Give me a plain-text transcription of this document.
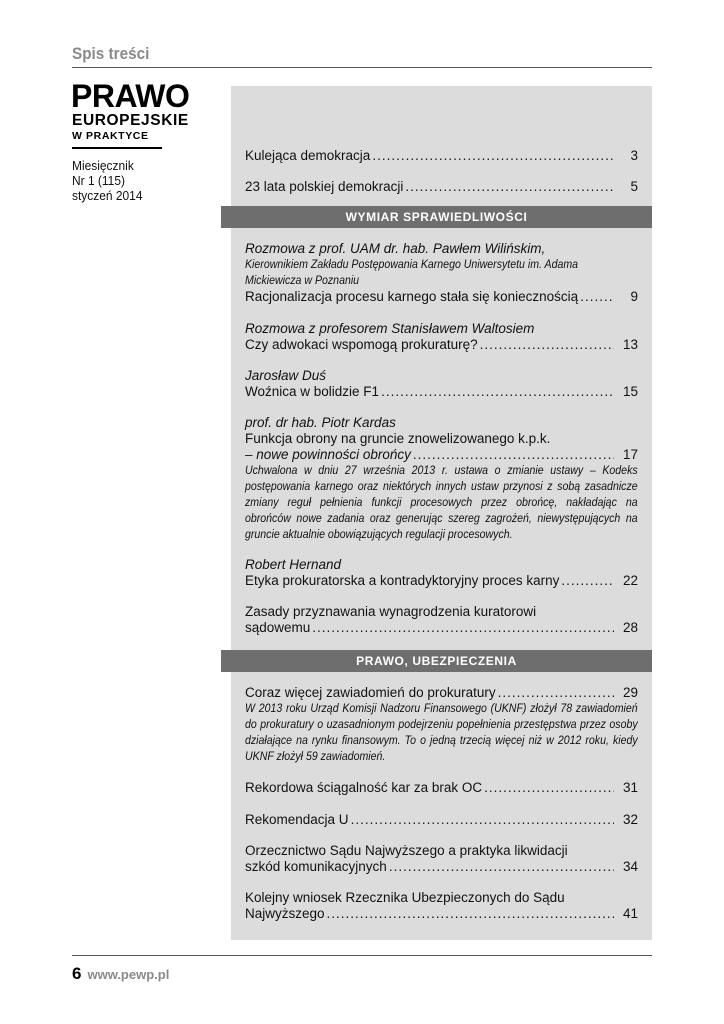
Spis treści
PRAWO
EUROPEJSKIE
W PRAKTYCE
Miesięcznik
Nr 1 (115)
styczeń 2014
Kulejąca demokracja .....	3
23 lata polskiej demokracji .....	5
WYMIAR SPRAWIEDLIWOŚCI
Rozmowa z prof. UAM dr. hab. Pawłem Wilińskim,
Kierownikiem Zakładu Postępowania Karnego Uniwersytetu im. Adama
Mickiewicza w Poznaniu
Racjonalizacja procesu karnego stała się koniecznością .....	9
Rozmowa z profesorem Stanisławem Waltosiem
Czy adwokaci wspomogą prokuraturę? .....	13
Jarosław Duś
Woźnica w bolidzie F1 .....	15
prof. dr hab. Piotr Kardas
Funkcja obrony na gruncie znowelizowanego k.p.k.
– nowe powinności obrońcy .....	17
Uchwalona w dniu 27 września 2013 r. ustawa o zmianie ustawy – Kodeks postępowania karnego oraz niektórych innych ustaw przynosi z sobą zasadnicze zmiany reguł pełnienia funkcji procesowych przez obrońcę, nakładając na obrońców nowe zadania oraz generując szereg zagrożeń, niewystępujących na gruncie aktualnie obowiązujących regulacji procesowych.
Robert Hernand
Etyka prokuratorska a kontradyktoryjny proces karny .....	22
Zasady przyznawania wynagrodzenia kuratorowi
sądowemu .....	28
PRAWO, UBEZPIECZENIA
Coraz więcej zawiadomień do prokuratury .....	29
W 2013 roku Urząd Komisji Nadzoru Finansowego (UKNF) złożył 78 zawiadomień do prokuratury o uzasadnionym podejrzeniu popełnienia przestępstwa przez osoby działające na rynku finansowym. To o jedną trzecią więcej niż w 2012 roku, kiedy UKNF złożył 59 zawiadomień.
Rekordowa ściągalność kar za brak OC .....	31
Rekomendacja U .....	32
Orzecznictwo Sądu Najwyższego a praktyka likwidacji
szkód komunikacyjnych .....	34
Kolejny wniosek Rzecznika Ubezpieczonych do Sądu
Najwyższego .....	41
6 www.pewp.pl
